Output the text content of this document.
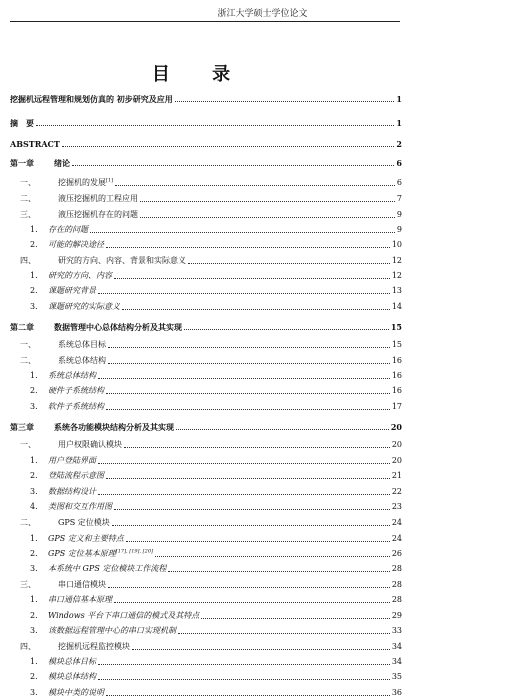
浙江大学硕士学位论文
目 录
挖掘机远程管理和规划仿真的 初步研究及应用	1
摘　要	1
ABSTRACT	2
第一章	绪论	6
一、	挖掘机的发展[1]	6
二、	液压挖掘机的工程应用	7
三、	液压挖掘机存在的问题	9
1.	存在的问题	9
2.	可能的解决途径	10
四、	研究的方向、内容、背景和实际意义	12
1.	研究的方向、内容	12
2.	课题研究背景	13
3.	课题研究的实际意义	14
第二章	数据管理中心总体结构分析及其实现	15
一、	系统总体目标	15
二、	系统总体结构	16
1.	系统总体结构	16
2.	硬件子系统结构	16
3.	软件子系统结构	17
第三章	系统各功能模块结构分析及其实现	20
一、	用户权限确认模块	20
1.	用户登陆界面	20
2.	登陆流程示意图	21
3.	数据结构设计	22
4.	类图和交互作用图	23
二、	GPS 定位模块	24
1.	GPS 定义和主要特点	24
2.	GPS 定位基本原理[17], [19], [20]	26
3.	本系统中 GPS 定位模块工作流程	28
三、	串口通信模块	28
1.	串口通信基本原理	28
2.	Windows 平台下串口通信的模式及其特点	29
3.	该数据远程管理中心的串口实现机制	33
四、	挖掘机远程监控模块	34
1.	模块总体目标	34
2.	模块总体结构	35
3.	模块中类的说明	36
